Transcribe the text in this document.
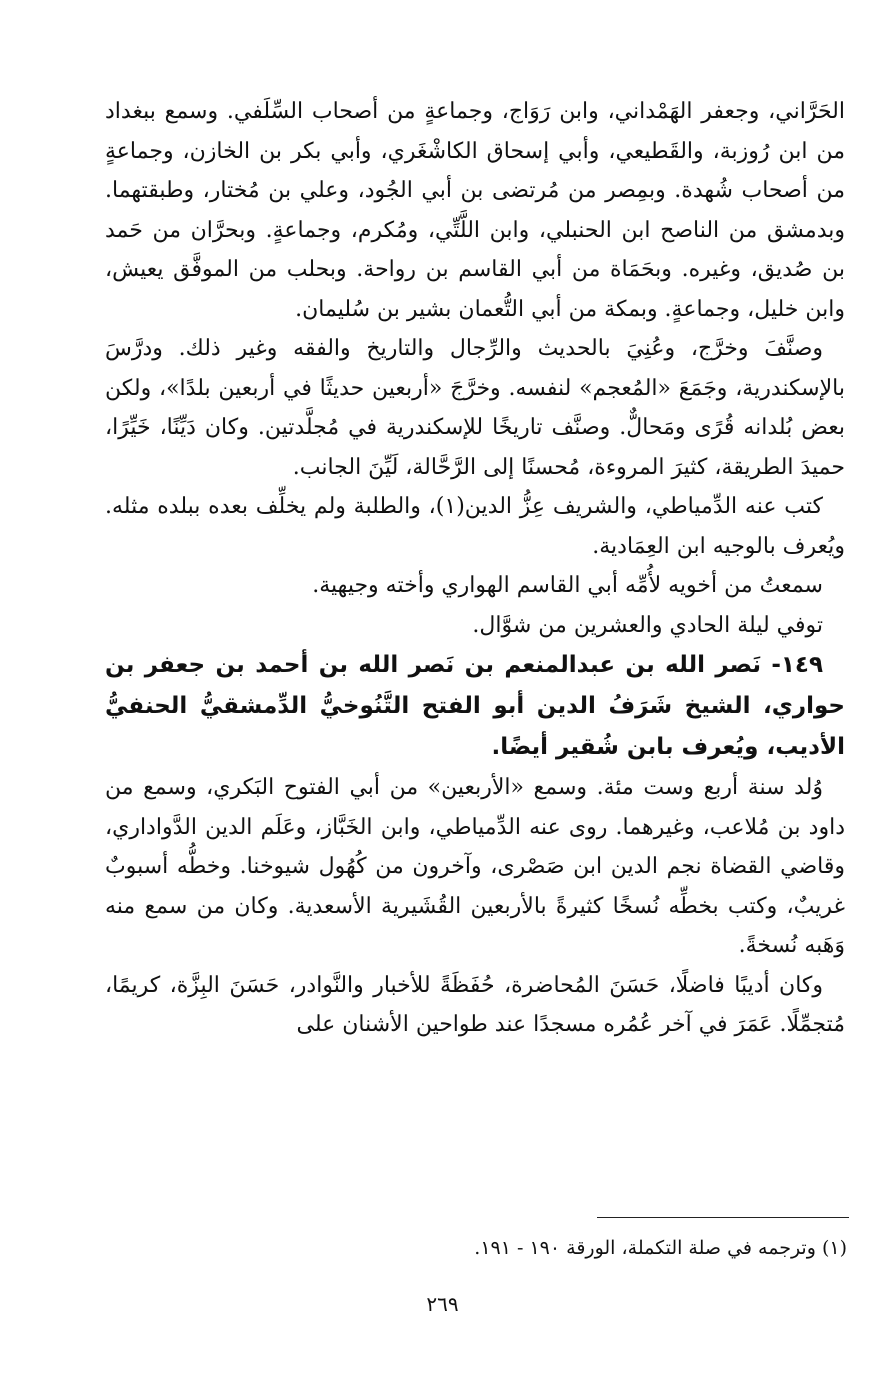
الحَرَّاني، وجعفر الهَمْداني، وابن رَوَاج، وجماعةٍ من أصحاب السِّلَفي. وسمع ببغداد من ابن رُوزبة، والقَطيعي، وأبي إسحاق الكاشْغَري، وأبي بكر بن الخازن، وجماعةٍ من أصحاب شُهدة. وبمِصر من مُرتضى بن أبي الجُود، وعلي بن مُختار، وطبقتهما. وبدمشق من الناصح ابن الحنبلي، وابن اللَّتِّي، ومُكرم، وجماعةٍ. وبحرَّان من حَمد بن صُديق، وغيره. وبحَمَاة من أبي القاسم بن رواحة. وبحلب من الموفَّق يعيش، وابن خليل، وجماعةٍ. وبمكة من أبي التُّعمان بشير بن سُليمان.

وصنَّفَ وخرَّج، وعُنِيَ بالحديث والرِّجال والتاريخ والفقه وغير ذلك. ودرَّسَ بالإسكندرية، وجَمَعَ «المُعجم» لنفسه. وخرَّجَ «أربعين حديثًا في أربعين بلدًا»، ولكن بعض بُلدانه قُرًى ومَحالٌّ. وصنَّف تاريخًا للإسكندرية في مُجلَّدتين. وكان دَيِّنًا، خَيِّرًا، حميدَ الطريقة، كثيرَ المروءة، مُحسنًا إلى الرَّحَّالة، لَيِّنَ الجانب.

كتب عنه الدِّمياطي، والشريف عِزُّ الدين(١)، والطلبة ولم يخلِّف بعده ببلده مثله. ويُعرف بالوجيه ابن العِمَادية.

سمعتُ من أخويه لأُمِّه أبي القاسم الهواري وأخته وجيهية.

توفي ليلة الحادي والعشرين من شوَّال.

١٤٩- نَصر الله بن عبدالمنعم بن نَصر الله بن أحمد بن جعفر بن حواري، الشيخ شَرَفُ الدين أبو الفتح التَّنُوخيُّ الدِّمشقيُّ الحنفيُّ الأديب، ويُعرف بابن شُقير أيضًا.

وُلد سنة أربع وست مئة. وسمع «الأربعين» من أبي الفتوح البَكري، وسمع من داود بن مُلاعب، وغيرهما. روى عنه الدِّمياطي، وابن الخَبَّاز، وعَلَم الدين الدَّواداري، وقاضي القضاة نجم الدين ابن صَصْرى، وآخرون من كُهُول شيوخنا. وخطُّه أسبوبٌ غريبٌ، وكتب بخطِّه نُسخًا كثيرةً بالأربعين القُشَيرية الأسعدية. وكان من سمع منه وَهَبه نُسخةً.

وكان أديبًا فاضلًا، حَسَنَ المُحاضرة، حُفَظَةً للأخبار والنَّوادر، حَسَنَ البِزَّة، كريمًا، مُتجمِّلًا. عَمَرَ في آخر عُمُره مسجدًا عند طواحين الأشنان على

(١) وترجمه في صلة التكملة، الورقة ١٩٠ - ١٩١.
٢٦٩
